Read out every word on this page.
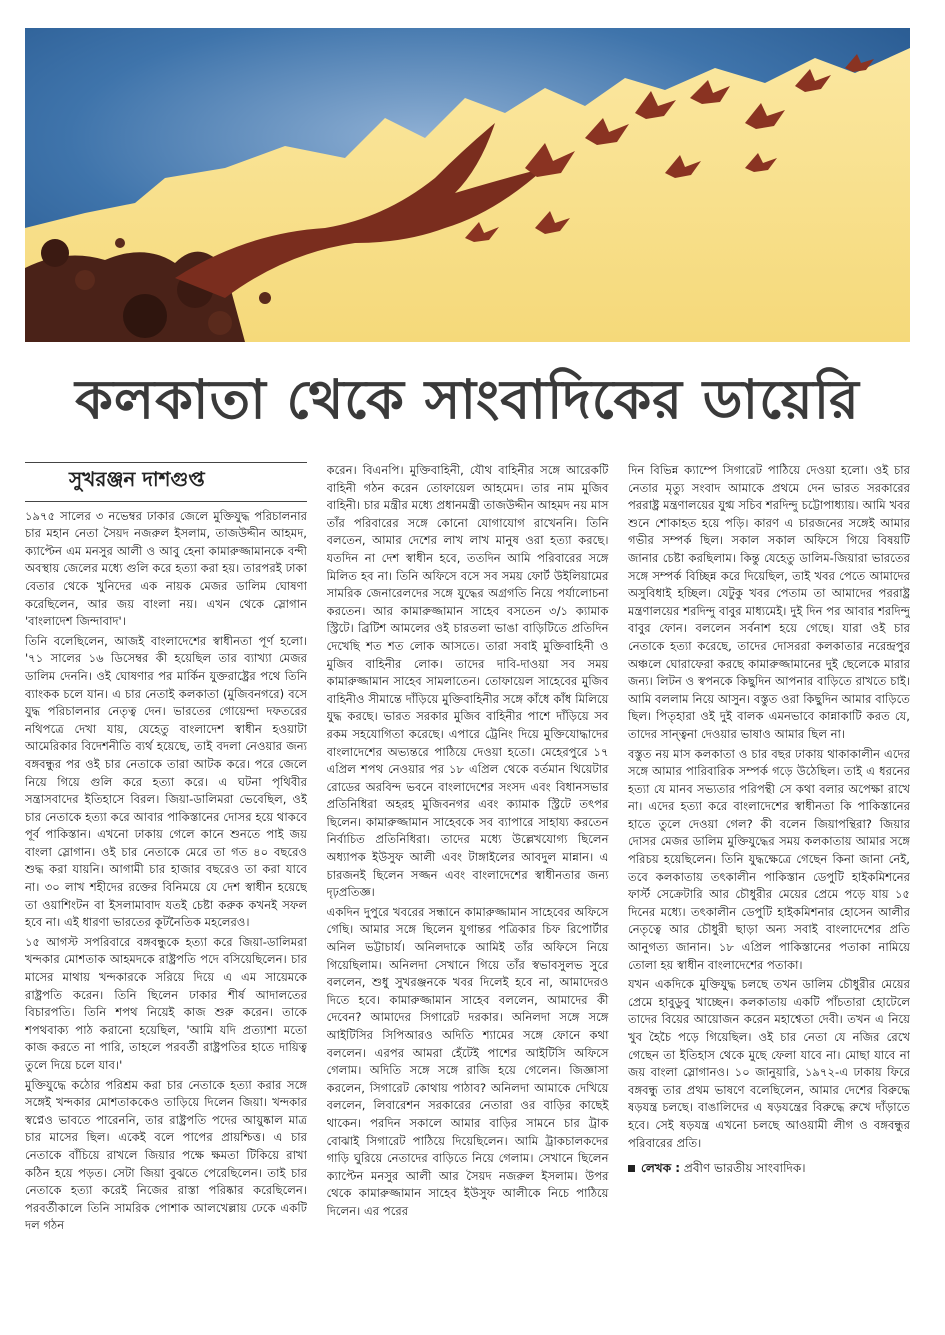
কলকাতা থেকে সাংবাদিকের ডায়েরি
সুখরঞ্জন দাশগুপ্ত

১৯৭৫ সালের ৩ নভেম্বর ঢাকার জেলে মুক্তিযুদ্ধ পরিচালনার চার মহান নেতা সৈয়দ নজরুল ইসলাম, তাজউদ্দীন আহমদ, ক্যাপ্টেন এম মনসুর আলী ও আবু হেনা কামারুজ্জামানকে বন্দী অবস্থায় জেলের মধ্যে গুলি করে হত্যা করা হয়। তারপরই ঢাকা বেতার থেকে খুনিদের এক নায়ক মেজর ডালিম ঘোষণা করেছিলেন, আর জয় বাংলা নয়। এখন থেকে স্লোগান 'বাংলাদেশ জিন্দাবাদ'।

তিনি বলেছিলেন, আজই বাংলাদেশের স্বাধীনতা পূর্ণ হলো। '৭১ সালের ১৬ ডিসেম্বর কী হয়েছিল তার ব্যাখ্যা মেজর ডালিম দেননি। ওই ঘোষণার পর মার্কিন যুক্তরাষ্ট্রের পথে তিনি ব্যাংকক চলে যান। এ চার নেতাই কলকাতা (মুজিবনগরে) বসে যুদ্ধ পরিচালনার নেতৃত্ব দেন। ভারতের গোয়েন্দা দফতরের নথিপত্রে দেখা যায়, যেহেতু বাংলাদেশ স্বাধীন হওয়াটা আমেরিকার বিদেশনীতি ব্যর্থ হয়েছে, তাই বদলা নেওয়ার জন্য বঙ্গবন্ধুর পর ওই চার নেতাকে তারা আটক করে। পরে জেলে নিয়ে গিয়ে গুলি করে হত্যা করে। এ ঘটনা পৃথিবীর সন্ত্রাসবাদের ইতিহাসে বিরল। জিয়া-ডালিমরা ভেবেছিল, ওই চার নেতাকে হত্যা করে আবার পাকিস্তানের দোসর হয়ে থাকবে পূর্ব পাকিস্তান। এখনো ঢাকায় গেলে কানে শুনতে পাই জয় বাংলা স্লোগান। ওই চার নেতাকে মেরে তা গত ৪০ বছরেও শুদ্ধ করা যায়নি। আগামী চার হাজার বছরেও তা করা যাবে না। ৩০ লাখ শহীদের রক্তের বিনিময়ে যে দেশ স্বাধীন হয়েছে তা ওয়াশিংটন বা ইসলামাবাদ যতই চেষ্টা করুক কখনই সফল হবে না। এই ধারণা ভারতের কূটনৈতিক মহলেরও।

১৫ আগস্ট সপরিবারে বঙ্গবন্ধুকে হত্যা করে জিয়া-ডালিমরা খন্দকার মোশতাক আহমদকে রাষ্ট্রপতি পদে বসিয়েছিলেন। চার মাসের মাথায় খন্দকারকে সরিয়ে দিয়ে এ এম সায়েমকে রাষ্ট্রপতি করেন। তিনি ছিলেন ঢাকার শীর্ষ আদালতের বিচারপতি। তিনি শপথ নিয়েই কাজ শুরু করেন। তাকে শপথবাক্য পাঠ করানো হয়েছিল, 'আমি যদি প্রত্যাশা মতো কাজ করতে না পারি, তাহলে পরবর্তী রাষ্ট্রপতির হাতে দায়িত্ব তুলে দিয়ে চলে যাব।'

মুক্তিযুদ্ধে কঠোর পরিশ্রম করা চার নেতাকে হত্যা করার সঙ্গে সঙ্গেই খন্দকার মোশতাককেও তাড়িয়ে দিলেন জিয়া। খন্দকার স্বপ্নেও ভাবতে পারেননি, তার রাষ্ট্রপতি পদের আয়ুষ্কাল মাত্র চার মাসের ছিল। একেই বলে পাপের প্রায়শ্চিত্ত। এ চার নেতাকে বাঁচিয়ে রাখলে জিয়ার পক্ষে ক্ষমতা টিকিয়ে রাখা কঠিন হয়ে পড়ত। সেটা জিয়া বুঝতে পেরেছিলেন। তাই চার নেতাকে হত্যা করেই নিজের রাস্তা পরিষ্কার করেছিলেন। পরবর্তীকালে তিনি সামরিক পোশাক আলখেল্লায় ঢেকে একটি দল গঠন

করেন। বিএনপি। মুক্তিবাহিনী, যৌথ বাহিনীর সঙ্গে আরেকটি বাহিনী গঠন করেন তোফায়েল আহমেদ। তার নাম মুজিব বাহিনী। চার মন্ত্রীর মধ্যে প্রধানমন্ত্রী তাজউদ্দীন আহমদ নয় মাস তাঁর পরিবারের সঙ্গে কোনো যোগাযোগ রাখেননি। তিনি বলতেন, আমার দেশের লাখ লাখ মানুষ ওরা হত্যা করছে। যতদিন না দেশ স্বাধীন হবে, ততদিন আমি পরিবারের সঙ্গে মিলিত হব না। তিনি অফিসে বসে সব সময় ফোর্ট উইলিয়ামের সামরিক জেনারেলদের সঙ্গে যুদ্ধের অগ্রগতি নিয়ে পর্যালোচনা করতেন। আর কামারুজ্জামান সাহেব বসতেন ৩/১ ক্যামাক স্ট্রিটে। ব্রিটিশ আমলের ওই চারতলা ভাঙা বাড়িটিতে প্রতিদিন দেখেছি শত শত লোক আসতে। তারা সবাই মুক্তিবাহিনী ও মুজিব বাহিনীর লোক। তাদের দাবি-দাওয়া সব সময় কামারুজ্জামান সাহেব সামলাতেন। তোফায়েল সাহেবের মুজিব বাহিনীও সীমান্তে দাঁড়িয়ে মুক্তিবাহিনীর সঙ্গে কাঁধে কাঁধ মিলিয়ে যুদ্ধ করছে। ভারত সরকার মুজিব বাহিনীর পাশে দাঁড়িয়ে সব রকম সহযোগিতা করেছে। এপারে ট্রেনিং দিয়ে মুক্তিযোদ্ধাদের বাংলাদেশের অভ্যন্তরে পাঠিয়ে দেওয়া হতো। মেহেরপুরে ১৭ এপ্রিল শপথ নেওয়ার পর ১৮ এপ্রিল থেকে বর্তমান থিয়েটার রোডের অরবিন্দ ভবনে বাংলাদেশের সংসদ এবং বিধানসভার প্রতিনিধিরা অহরহ মুজিবনগর এবং ক্যামাক স্ট্রিটে তৎপর ছিলেন। কামারুজ্জামান সাহেবকে সব ব্যাপারে সাহায্য করতেন নির্বাচিত প্রতিনিধিরা। তাদের মধ্যে উল্লেখযোগ্য ছিলেন অধ্যাপক ইউসুফ আলী এবং টাঙ্গাইলের আবদুল মান্নান। এ চারজনই ছিলেন সজ্জন এবং বাংলাদেশের স্বাধীনতার জন্য দৃঢ়প্রতিজ্ঞ।

একদিন দুপুরে খবরের সন্ধানে কামারুজ্জামান সাহেবের অফিসে গেছি। আমার সঙ্গে ছিলেন যুগান্তর পত্রিকার চিফ রিপোর্টার অনিল ভট্টাচার্য। অনিলদাকে আমিই তাঁর অফিসে নিয়ে গিয়েছিলাম। অনিলদা সেখানে গিয়ে তাঁর স্বভাবসুলভ সুরে বললেন, শুধু সুখরঞ্জনকে খবর দিলেই হবে না, আমাদেরও দিতে হবে। কামারুজ্জামান সাহেব বললেন, আমাদের কী দেবেন? আমাদের সিগারেট দরকার। অনিলদা সঙ্গে সঙ্গে আইটিসির সিপিআরও অদিতি শ্যামের সঙ্গে ফোনে কথা বললেন। এরপর আমরা হেঁটেই পাশের আইটিসি অফিসে গেলাম। অদিতি সঙ্গে সঙ্গে রাজি হয়ে গেলেন। জিজ্ঞাসা করলেন, সিগারেট কোথায় পাঠাব? অনিলদা আমাকে দেখিয়ে বললেন, লিবারেশন সরকারের নেতারা ওর বাড়ির কাছেই থাকেন। পরদিন সকালে আমার বাড়ির সামনে চার ট্রাক বোঝাই সিগারেট পাঠিয়ে দিয়েছিলেন। আমি ট্রাকচালকদের গাড়ি ঘুরিয়ে নেতাদের বাড়িতে নিয়ে গেলাম। সেখানে ছিলেন ক্যাপ্টেন মনসুর আলী আর সৈয়দ নজরুল ইসলাম। উপর থেকে কামারুজ্জামান সাহেব ইউসুফ আলীকে নিচে পাঠিয়ে দিলেন। এর পরের

দিন বিভিন্ন ক্যাম্পে সিগারেট পাঠিয়ে দেওয়া হলো। ওই চার নেতার মৃত্যু সংবাদ আমাকে প্রথমে দেন ভারত সরকারের পররাষ্ট্র মন্ত্রণালয়ের যুগ্ম সচিব শরদিন্দু চট্টোপাধ্যায়। আমি খবর শুনে শোকাহত হয়ে পড়ি। কারণ এ চারজনের সঙ্গেই আমার গভীর সম্পর্ক ছিল। সকাল সকাল অফিসে গিয়ে বিষয়টি জানার চেষ্টা করছিলাম। কিন্তু যেহেতু ডালিম-জিয়ারা ভারতের সঙ্গে সম্পর্ক বিচ্ছিন্ন করে দিয়েছিল, তাই খবর পেতে আমাদের অসুবিধাই হচ্ছিল। যেটুকু খবর পেতাম তা আমাদের পররাষ্ট্র মন্ত্রণালয়ের শরদিন্দু বাবুর মাধ্যমেই। দুই দিন পর আবার শরদিন্দু বাবুর ফোন। বললেন সর্বনাশ হয়ে গেছে। যারা ওই চার নেতাকে হত্যা করেছে, তাদের দোসররা কলকাতার নরেন্দ্রপুর অঞ্চলে ঘোরাফেরা করছে কামারুজ্জামানের দুই ছেলেকে মারার জন্য। লিটন ও স্বপনকে কিছুদিন আপনার বাড়িতে রাখতে চাই। আমি বললাম নিয়ে আসুন। বস্তুত ওরা কিছুদিন আমার বাড়িতে ছিল। পিতৃহারা ওই দুই বালক এমনভাবে কান্নাকাটি করত যে, তাদের সান্ত্বনা দেওয়ার ভাষাও আমার ছিল না।

বস্তুত নয় মাস কলকাতা ও চার বছর ঢাকায় থাকাকালীন এদের সঙ্গে আমার পারিবারিক সম্পর্ক গড়ে উঠেছিল। তাই এ ধরনের হত্যা যে মানব সভ্যতার পরিপন্থী সে কথা বলার অপেক্ষা রাখে না। এদের হত্যা করে বাংলাদেশের স্বাধীনতা কি পাকিস্তানের হাতে তুলে দেওয়া গেল? কী বলেন জিয়াপন্থিরা? জিয়ার দোসর মেজর ডালিম মুক্তিযুদ্ধের সময় কলকাতায় আমার সঙ্গে পরিচয় হয়েছিলেন। তিনি যুদ্ধক্ষেত্রে গেছেন কিনা জানা নেই, তবে কলকাতায় তৎকালীন পাকিস্তান ডেপুটি হাইকমিশনের ফার্স্ট সেক্রেটারি আর চৌধুরীর মেয়ের প্রেমে পড়ে যায় ১৫ দিনের মধ্যে। তৎকালীন ডেপুটি হাইকমিশনার হোসেন আলীর নেতৃত্বে আর চৌধুরী ছাড়া অন্য সবাই বাংলাদেশের প্রতি আনুগত্য জানান। ১৮ এপ্রিল পাকিস্তানের পতাকা নামিয়ে তোলা হয় স্বাধীন বাংলাদেশের পতাকা।

যখন একদিকে মুক্তিযুদ্ধ চলছে তখন ডালিম চৌধুরীর মেয়ের প্রেমে হাবুডুবু খাচ্ছেন। কলকাতায় একটি পাঁচতারা হোটেলে তাদের বিয়ের আয়োজন করেন মহাশ্বেতা দেবী। তখন এ নিয়ে খুব হৈচৈ পড়ে গিয়েছিল। ওই চার নেতা যে নজির রেখে গেছেন তা ইতিহাস থেকে মুছে ফেলা যাবে না। মোছা যাবে না জয় বাংলা স্লোগানও। ১০ জানুয়ারি, ১৯৭২-এ ঢাকায় ফিরে বঙ্গবন্ধু তার প্রথম ভাষণে বলেছিলেন, আমার দেশের বিরুদ্ধে ষড়যন্ত্র চলছে। বাঙালিদের এ ষড়যন্ত্রের বিরুদ্ধে রুখে দাঁড়াতে হবে। সেই ষড়যন্ত্র এখনো চলছে আওয়ামী লীগ ও বঙ্গবন্ধুর পরিবারের প্রতি।

লেখক : প্রবীণ ভারতীয় সাংবাদিক।
